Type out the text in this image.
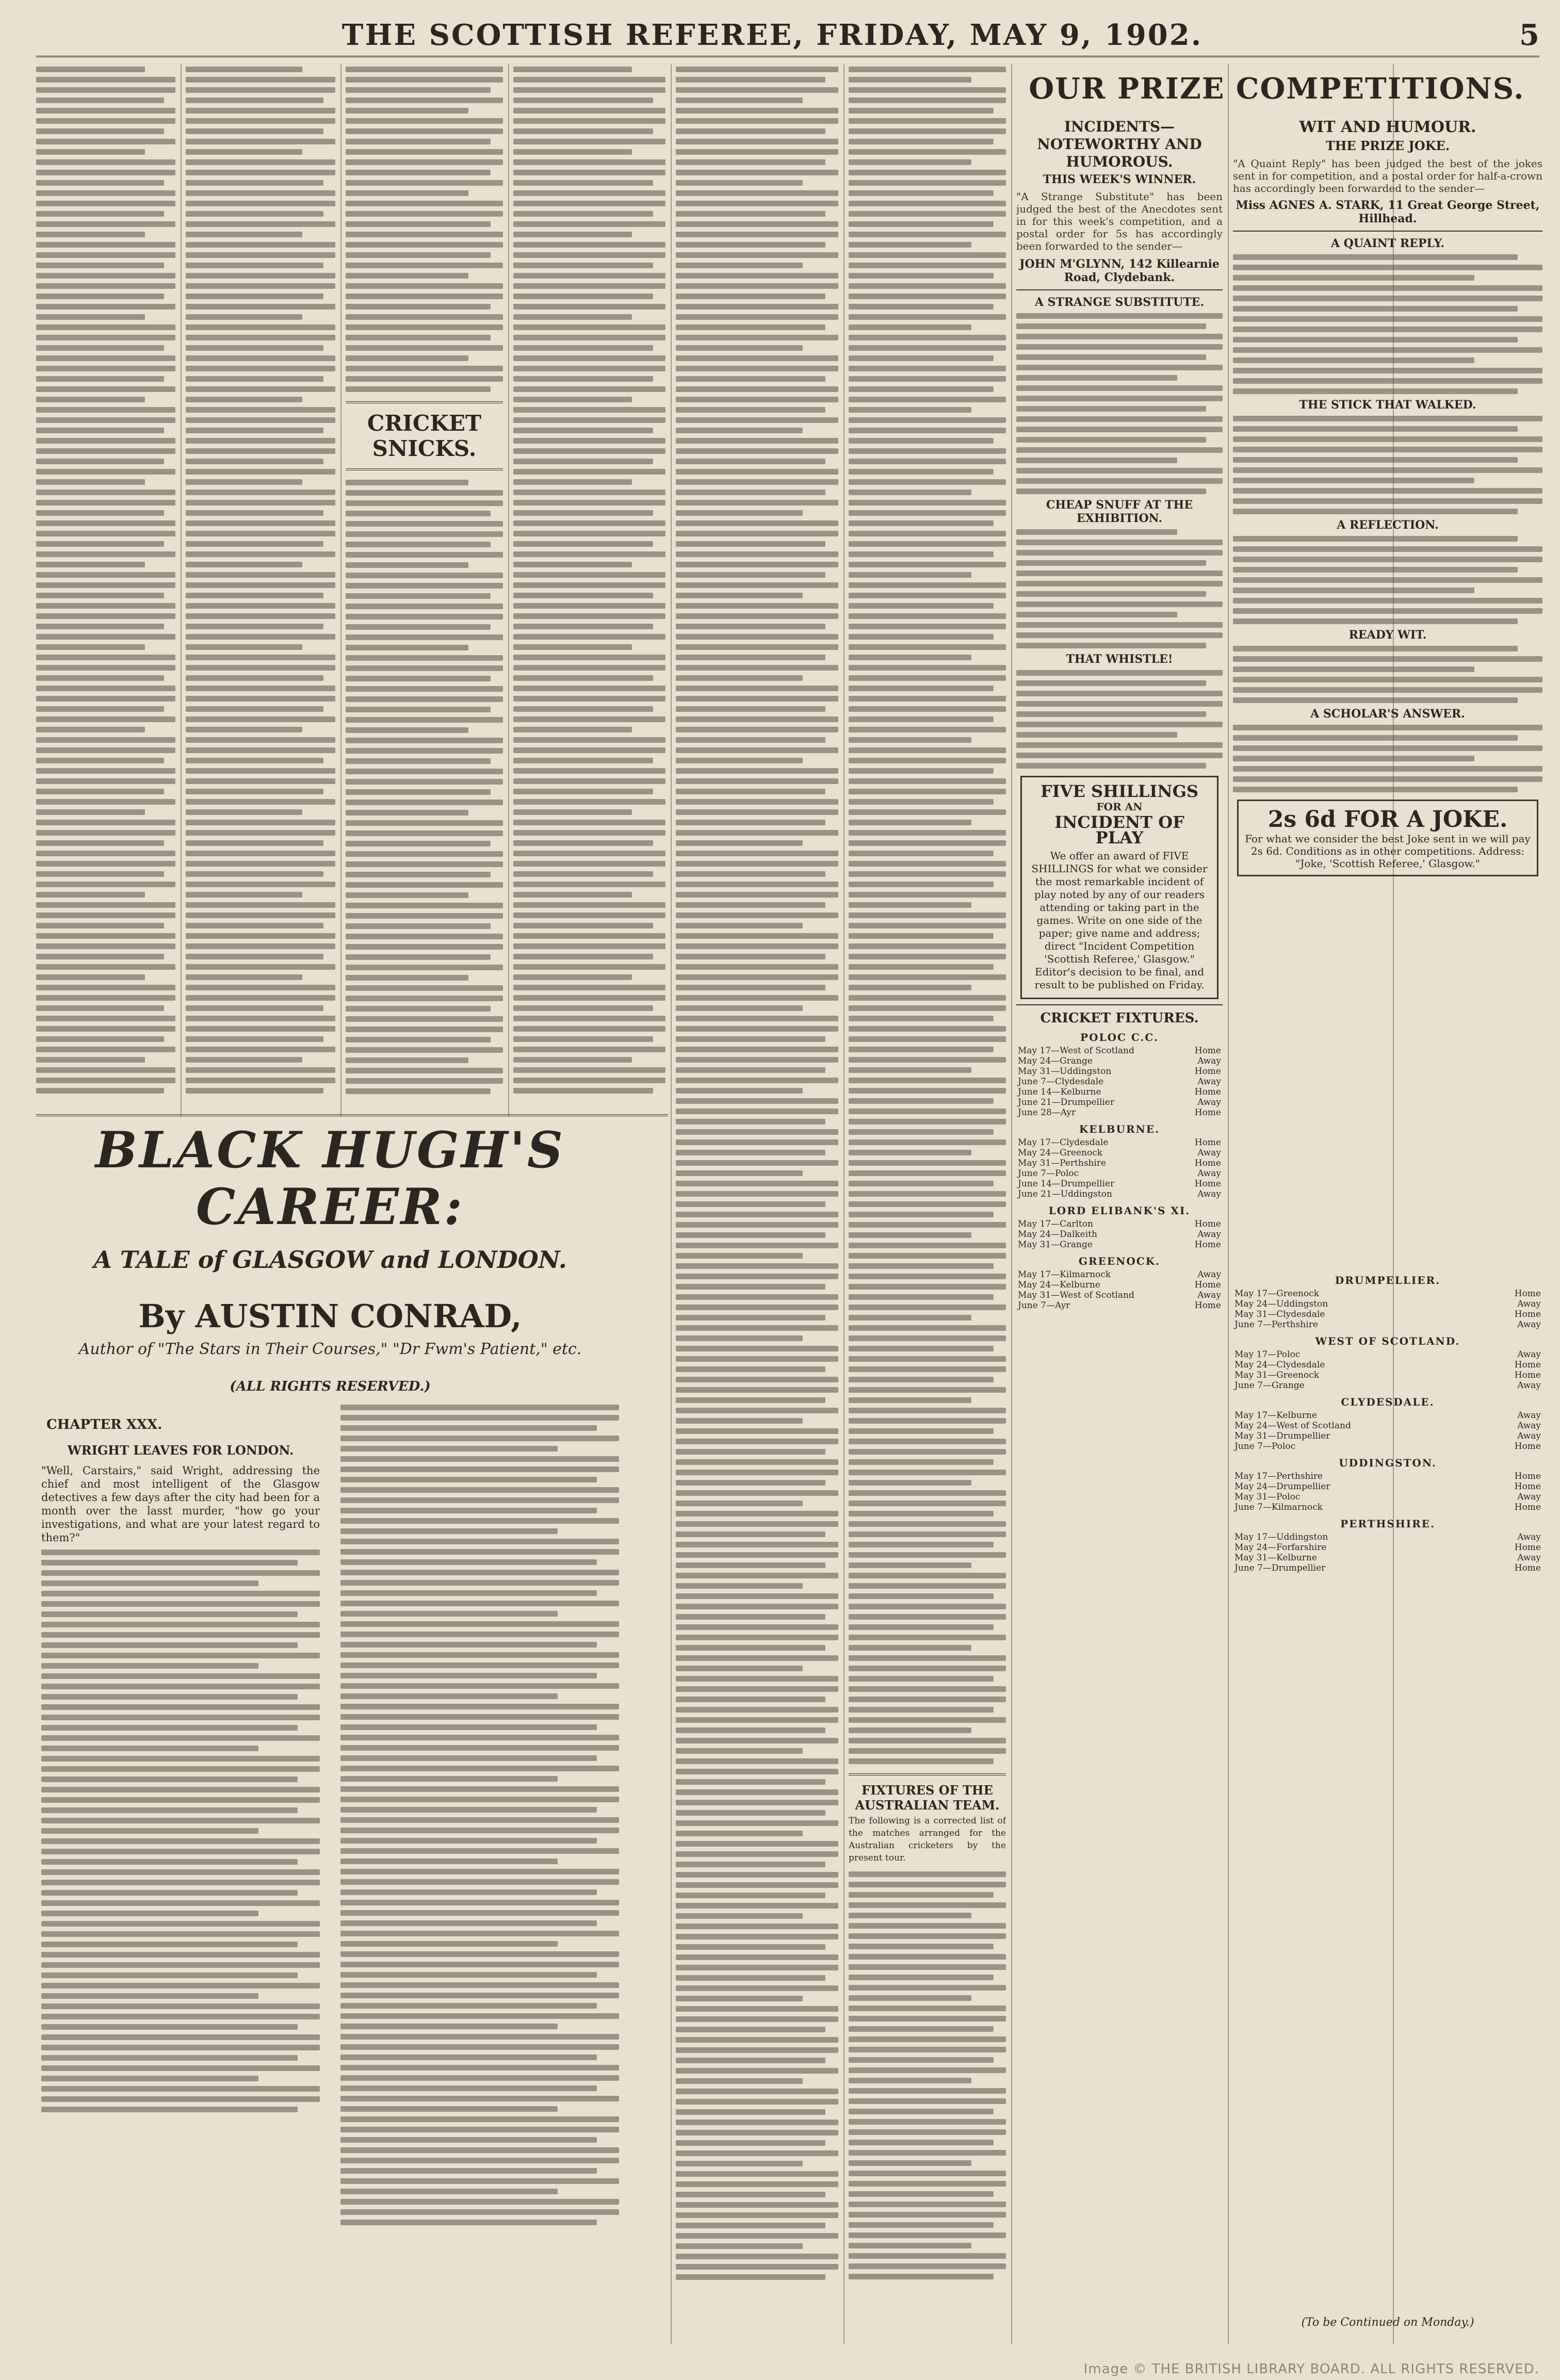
THE SCOTTISH REFEREE, FRIDAY, MAY 9, 1902.	5
CRICKET SNICKS.
FIXTURES OF THE AUSTRALIAN TEAM.
The following is a corrected list of the matches arranged for the Australian cricketers by the present tour.
OUR PRIZE COMPETITIONS.
INCIDENTS—NOTEWORTHY AND HUMOROUS.
THIS WEEK'S WINNER.
"A Strange Substitute" has been judged the best of the Anecdotes sent in for this week's competition, and a postal order for 5s has accordingly been forwarded to the sender—
JOHN M'GLYNN, 142 Killearnie Road, Clydebank.
A STRANGE SUBSTITUTE.
CHEAP SNUFF AT THE EXHIBITION.
THAT WHISTLE!
FIVE SHILLINGS
FOR AN
INCIDENT OF PLAY
We offer an award of FIVE SHILLINGS for what we consider the most remarkable incident of play noted by any of our readers attending or taking part in the games. Write on one side of the paper; give name and address; direct "Incident Competition 'Scottish Referee,' Glasgow." Editor's decision to be final, and result to be published on Friday.
CRICKET FIXTURES.
POLOC C.C.
May 17—West of Scotland	Home
May 24—Grange	Away
May 31—Uddingston	Home
June 7—Clydesdale	Away
June 14—Kelburne	Home
June 21—Drumpellier	Away
June 28—Ayr	Home
KELBURNE.
May 17—Clydesdale	Home
May 24—Greenock	Away
May 31—Perthshire	Home
June 7—Poloc	Away
June 14—Drumpellier	Home
June 21—Uddingston	Away
LORD ELIBANK'S XI.
May 17—Carlton	Home
May 24—Dalkeith	Away
May 31—Grange	Home
GREENOCK.
May 17—Kilmarnock	Away
May 24—Kelburne	Home
May 31—West of Scotland	Away
June 7—Ayr	Home
WIT AND HUMOUR.
THE PRIZE JOKE.
"A Quaint Reply" has been judged the best of the jokes sent in for competition, and a postal order for half-a-crown has accordingly been forwarded to the sender—
Miss AGNES A. STARK, 11 Great George Street, Hillhead.
A QUAINT REPLY.
THE STICK THAT WALKED.
A REFLECTION.
READY WIT.
A SCHOLAR'S ANSWER.
2s 6d FOR A JOKE.
For what we consider the best Joke sent in we will pay 2s 6d. Conditions as in other competitions. Address: "Joke, 'Scottish Referee,' Glasgow."
DRUMPELLIER.
May 17—Greenock	Home
May 24—Uddingston	Away
May 31—Clydesdale	Home
June 7—Perthshire	Away
WEST OF SCOTLAND.
May 17—Poloc	Away
May 24—Clydesdale	Home
May 31—Greenock	Home
June 7—Grange	Away
CLYDESDALE.
May 17—Kelburne	Away
May 24—West of Scotland	Away
May 31—Drumpellier	Away
June 7—Poloc	Home
UDDINGSTON.
May 17—Perthshire	Home
May 24—Drumpellier	Home
May 31—Poloc	Away
June 7—Kilmarnock	Home
PERTHSHIRE.
May 17—Uddingston	Away
May 24—Forfarshire	Home
May 31—Kelburne	Away
June 7—Drumpellier	Home
BLACK HUGH'S CAREER:
A TALE of GLASGOW and LONDON.
By AUSTIN CONRAD,
Author of "The Stars in Their Courses," "Dr Fwm's Patient," etc.
(ALL RIGHTS RESERVED.)
CHAPTER XXX.
WRIGHT LEAVES FOR LONDON.
"Well, Carstairs," said Wright, addressing the chief and most intelligent of the Glasgow detectives a few days after the city had been for a month over the lasst murder, "how go your investigations, and what are your latest regard to them?"
(To be Continued on Monday.)
Image © THE BRITISH LIBRARY BOARD. ALL RIGHTS RESERVED.
